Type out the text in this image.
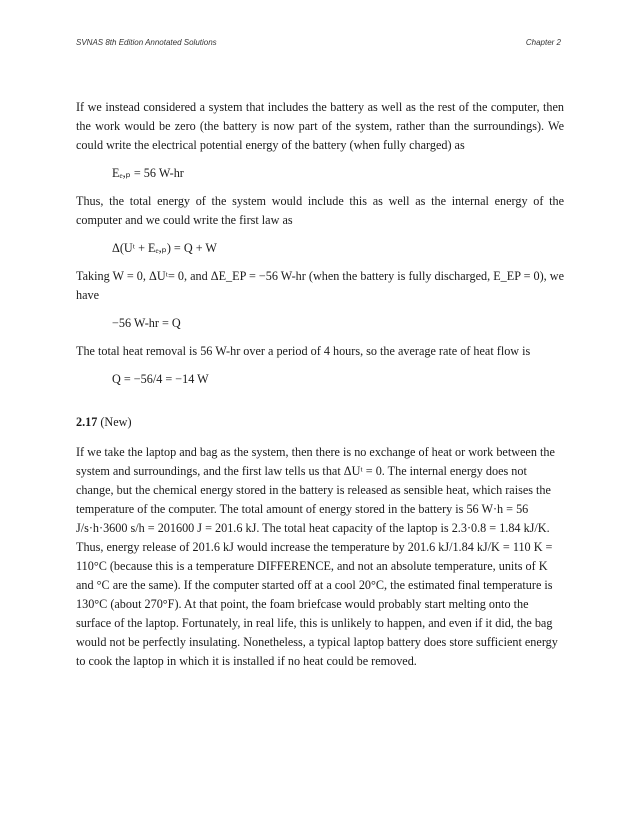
SVNAS 8th Edition Annotated Solutions	Chapter 2

If we instead considered a system that includes the battery as well as the rest of the computer, then the work would be zero (the battery is now part of the system, rather than the surroundings). We could write the electrical potential energy of the battery (when fully charged) as

Eₑ,ₚ = 56 W-hr

Thus, the total energy of the system would include this as well as the internal energy of the computer and we could write the first law as

Δ(Uᵗ + Eₑ,ₚ) = Q + W

Taking W = 0, ΔUᵗ= 0, and ΔE_EP = −56 W-hr (when the battery is fully discharged, E_EP = 0), we have

−56 W-hr = Q

The total heat removal is 56 W-hr over a period of 4 hours, so the average rate of heat flow is

Q = −56/4 = −14 W

2.17 (New)

If we take the laptop and bag as the system, then there is no exchange of heat or work between the system and surroundings, and the first law tells us that ΔUᵗ = 0. The internal energy does not change, but the chemical energy stored in the battery is released as sensible heat, which raises the temperature of the computer. The total amount of energy stored in the battery is 56 W·h = 56 J/s·h·3600 s/h = 201600 J = 201.6 kJ. The total heat capacity of the laptop is 2.3·0.8 = 1.84 kJ/K. Thus, energy release of 201.6 kJ would increase the temperature by 201.6 kJ/1.84 kJ/K = 110 K = 110°C (because this is a temperature DIFFERENCE, and not an absolute temperature, units of K and °C are the same). If the computer started off at a cool 20°C, the estimated final temperature is 130°C (about 270°F). At that point, the foam briefcase would probably start melting onto the surface of the laptop. Fortunately, in real life, this is unlikely to happen, and even if it did, the bag would not be perfectly insulating. Nonetheless, a typical laptop battery does store sufficient energy to cook the laptop in which it is installed if no heat could be removed.
